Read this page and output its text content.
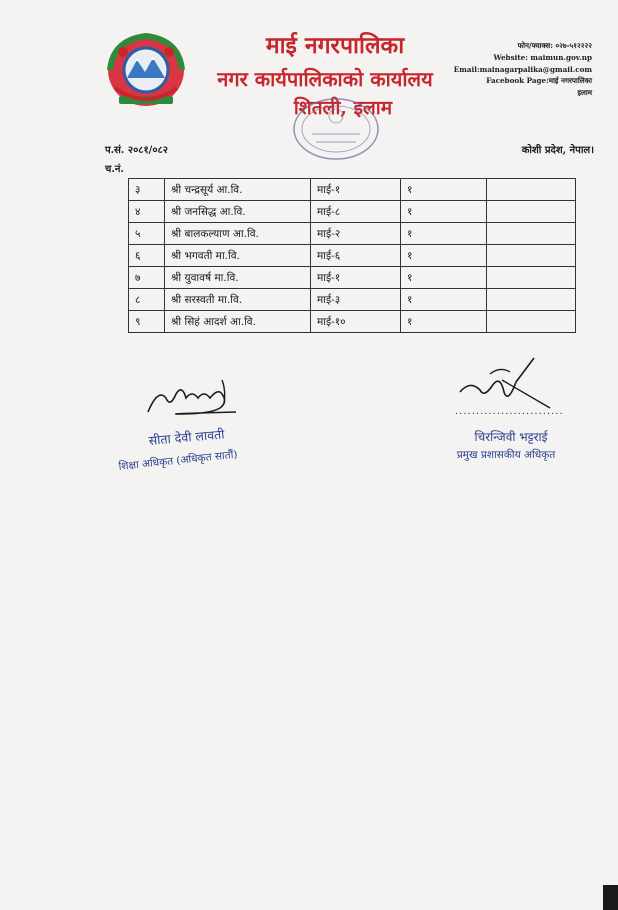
माई नगरपालिका
नगर कार्यपालिकाको कार्यालय
शितली, इलाम
फोन/फ्याक्स: ०२७-५१२२२२
Website: maimun.gov.np
Email:mainagarpalika@gmail.com
Facebook Page:माई नगरपालिका
इलाम
प.सं. २०८१/०८२
च.नं.
कोशी प्रदेश, नेपाल।
३	श्री चन्द्रसूर्य आ.वि.	माई-१	१	
४	श्री जनसिद्ध आ.वि.	माई-८	१	
५	श्री बालकल्याण आ.वि.	माई-२	१	
६	श्री भगवती मा.वि.	माई-६	१	
७	श्री युवावर्ष मा.वि.	माई-१	१	
८	श्री सरस्वती मा.वि.	माई-३	१	
९	श्री सिहं आदर्श आ.वि.	माई-१०	१	
सीता देवी लावती
शिक्षा अधिकृत (अधिकृत सातौं)
..........................
चिरन्जिवी भट्टराई
प्रमुख प्रशासकीय अधिकृत
